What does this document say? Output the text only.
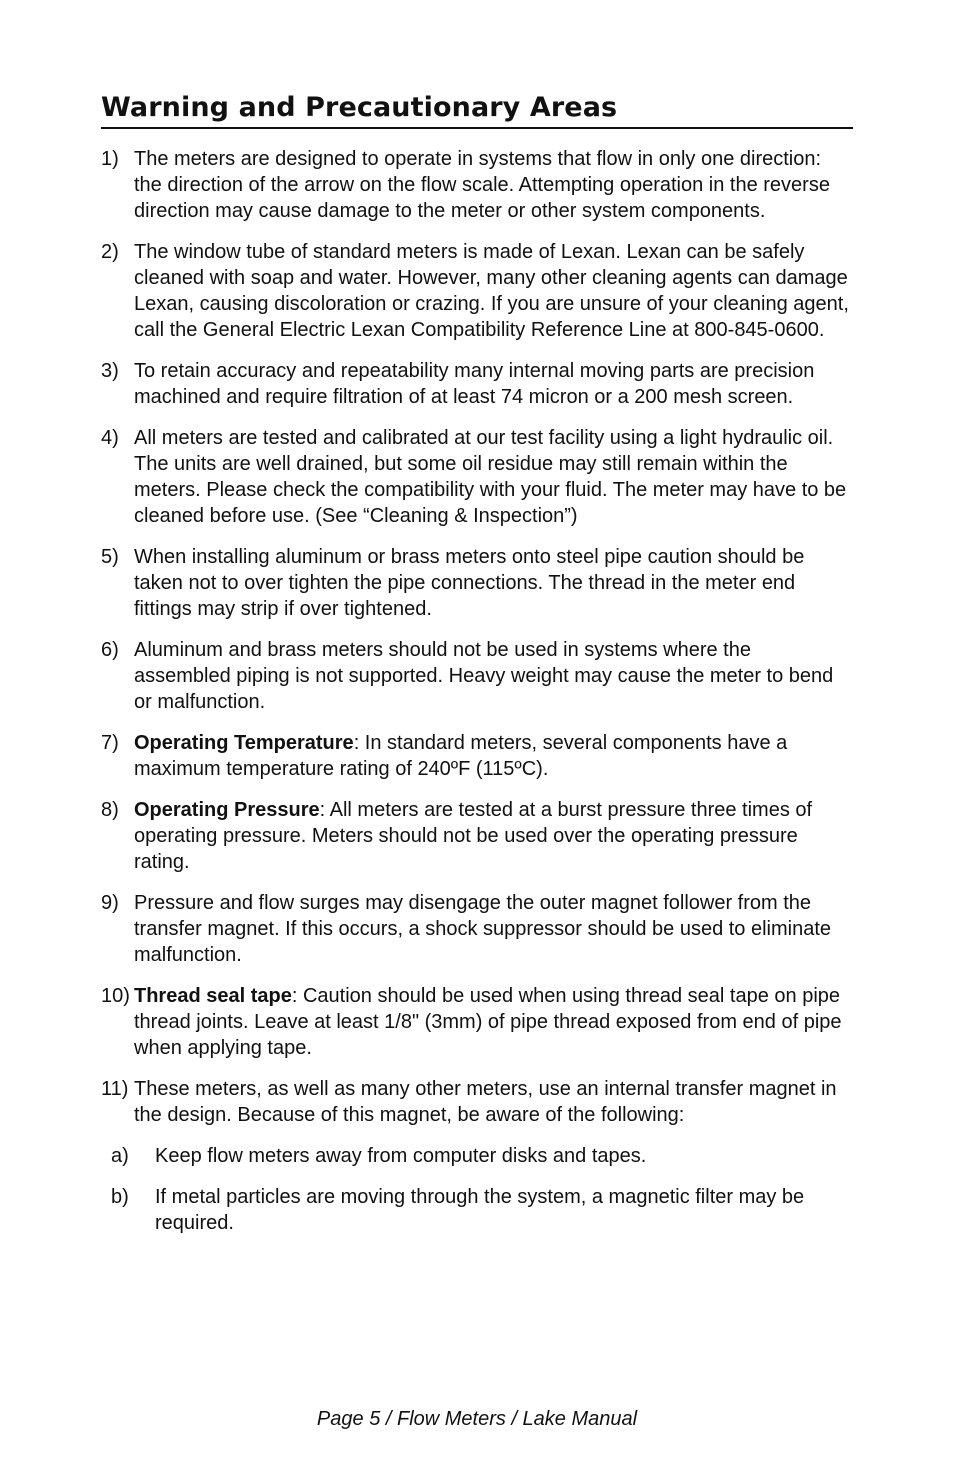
Warning and Precautionary Areas
1) The meters are designed to operate in systems that flow in only one direction: the direction of the arrow on the flow scale. Attempting operation in the reverse direction may cause damage to the meter or other system components.
2) The window tube of standard meters is made of Lexan. Lexan can be safely cleaned with soap and water. However, many other cleaning agents can damage Lexan, causing discoloration or crazing. If you are unsure of your cleaning agent, call the General Electric Lexan Compatibility Reference Line at 800-845-0600.
3) To retain accuracy and repeatability many internal moving parts are precision machined and require filtration of at least 74 micron or a 200 mesh screen.
4) All meters are tested and calibrated at our test facility using a light hydraulic oil. The units are well drained, but some oil residue may still remain within the meters. Please check the compatibility with your fluid. The meter may have to be cleaned before use. (See “Cleaning & Inspection”)
5) When installing aluminum or brass meters onto steel pipe caution should be taken not to over tighten the pipe connections. The thread in the meter end fittings may strip if over tightened.
6) Aluminum and brass meters should not be used in systems where the assembled piping is not supported. Heavy weight may cause the meter to bend or malfunction.
7) Operating Temperature: In standard meters, several components have a maximum temperature rating of 240ºF (115ºC).
8) Operating Pressure: All meters are tested at a burst pressure three times of operating pressure. Meters should not be used over the operating pressure rating.
9) Pressure and flow surges may disengage the outer magnet follower from the transfer magnet. If this occurs, a shock suppressor should be used to eliminate malfunction.
10) Thread seal tape: Caution should be used when using thread seal tape on pipe thread joints. Leave at least 1/8" (3mm) of pipe thread exposed from end of pipe when applying tape.
11) These meters, as well as many other meters, use an internal transfer magnet in the design. Because of this magnet, be aware of the following:
a)	Keep flow meters away from computer disks and tapes.
b)	If metal particles are moving through the system, a magnetic filter may be required.
Page 5 / Flow Meters / Lake Manual
